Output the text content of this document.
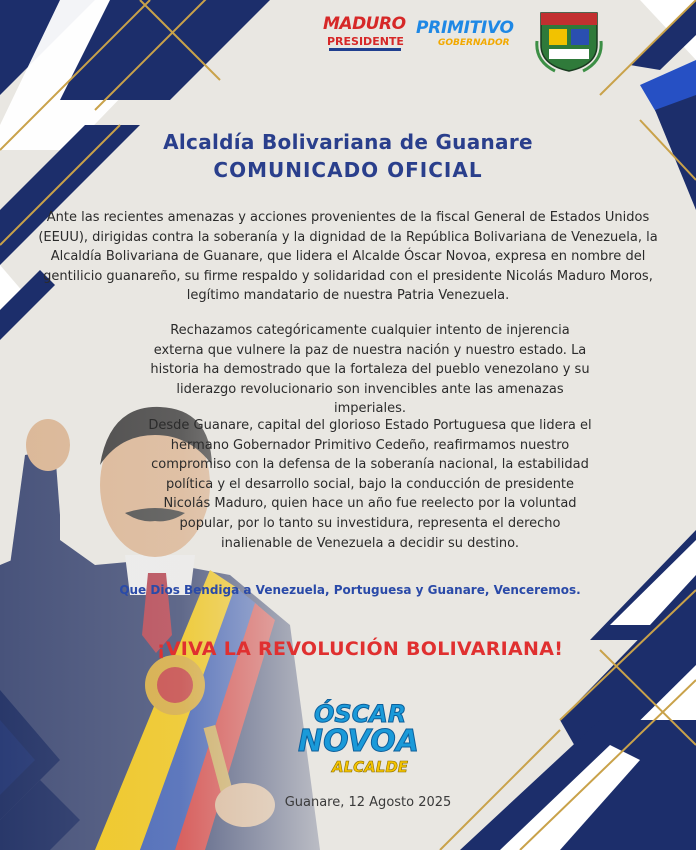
MADURO
PRESIDENTE
PRIMITIVO
GOBERNADOR
Alcaldía Bolivariana de Guanare
COMUNICADO OFICIAL
Ante las recientes amenazas y acciones provenientes de la fiscal General de Estados Unidos (EEUU), dirigidas contra la soberanía y la dignidad de la República Bolivariana de Venezuela, la Alcaldía Bolivariana de Guanare, que lidera el Alcalde Óscar Novoa, expresa en nombre del gentilicio guanareño, su firme respaldo y solidaridad con el presidente Nicolás Maduro Moros, legítimo mandatario de nuestra Patria Venezuela.
Rechazamos categóricamente cualquier intento de injerencia externa que vulnere la paz de nuestra nación y nuestro estado. La historia ha demostrado que la fortaleza del pueblo venezolano y su liderazgo revolucionario son invencibles ante las amenazas imperiales.
Desde Guanare, capital del glorioso Estado Portuguesa que lidera el hermano Gobernador Primitivo Cedeño, reafirmamos nuestro compromiso con la defensa de la soberanía nacional, la estabilidad política y el desarrollo social, bajo la conducción de presidente Nicolás Maduro, quien hace un año fue reelecto por la voluntad popular, por lo tanto su investidura, representa el derecho inalienable de Venezuela a decidir su destino.
Que Dios Bendiga a Venezuela, Portuguesa y Guanare, Venceremos.
¡VIVA LA REVOLUCIÓN BOLIVARIANA!
ÓSCAR
NOVOA
ALCALDE
Guanare, 12 Agosto 2025
